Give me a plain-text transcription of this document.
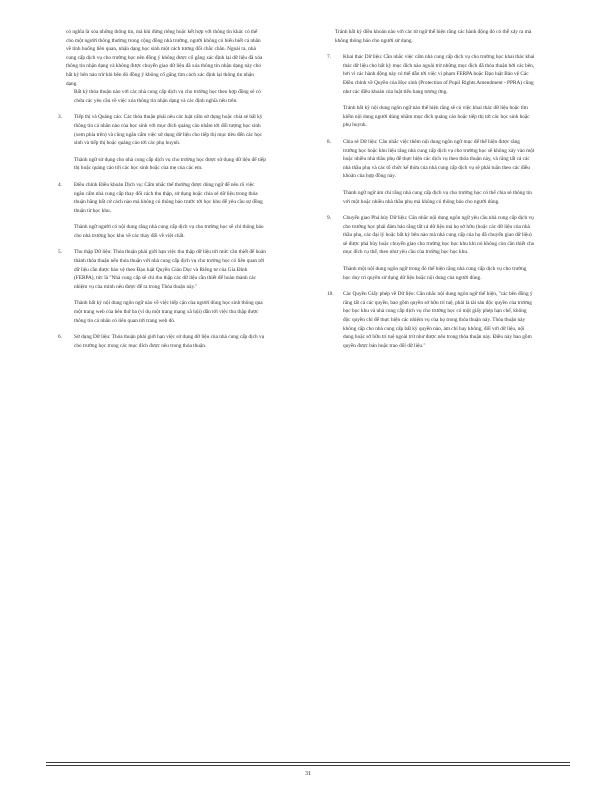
có nghĩa là xóa những thông tin, mà khi đứng riêng hoặc kết hợp với thông tin khác có thể cho một người thông thường trong cộng đồng nhà trường, người không có hiểu biết cá nhân về tình huống liên quan, nhận dạng học sinh một cách tương đối chắc chắn. Ngoài ra, nhà cung cấp dịch vụ cho trường học nên đồng ý không được cố gắng xác định lại dữ liệu đã xóa thông tin nhận dạng và không được chuyển giao dữ liệu đã xóa thông tin nhận dạng này cho bất kỳ bên nào trừ khi bên đó đồng ý không cố gắng tìm cách xác định lại thông tin nhận dạng.

Bất kỳ thỏa thuận nào với các nhà cung cấp dịch vụ cho trường học theo hợp đồng sẽ có chứa các yêu cầu về việc xóa thông tin nhận dạng và các định nghĩa nêu trên.

3. Tiếp thị và Quảng cáo: Các thỏa thuận phải nêu các luật cấm sử dụng hoặc chia sẻ bất kỳ thông tin cá nhân nào của học sinh với mục đích quảng cáo nhắm tới đối tượng học sinh (xem phía trên) và cũng ngăn cấm việc sử dụng dữ liệu cho tiếp thị mục tiêu đến các học sinh và tiếp thị hoặc quảng cáo tới các phụ huynh.

Thành ngữ sử dụng cho nhà cung cấp dịch vụ cho trường học được sử dụng dữ liệu để tiếp thị hoặc quảng cáo tới các học sinh hoặc của mẹ của các em.

4. Điều chỉnh Điều khoản Dịch vụ: Cấm nhắc thể thường được dùng ngữ để nêu rõ việc ngăn cấm nhà cung cấp thay đổi cách thu thập, sử dụng hoặc chia sẻ dữ liệu trong thỏa thuận bằng bất cứ cách nào mà không có thông báo trước tới học khu để yêu cầu sự đồng thuận từ học khu.

Thành ngữ người có nội dung rằng nhà cung cấp dịch vụ cho trường học sẽ chỉ thông báo cho nhà trường học khu về các thay đổi về việt chất.

5. Thu thập Dữ liệu: Thỏa thuận phải giới hạn việc thu thập dữ liệu tới mức cần thiết để hoàn thành thỏa thuận nếu thỏa thuận với nhà cung cấp dịch vụ cho trường học có liên quan tới dữ liệu cần được bảo vệ theo Đạo luật Quyền Giáo Dục và Riêng tư của Gia Đình (FERPA), tức là "Nhà cung cấp sẽ chỉ thu thập các dữ liệu cần thiết để hoàn thành các nhiệm vụ của mình nêu được để ra trong Thỏa thuận này."

Thành bất kỳ nội dung ngôn ngữ nào về việc tiếp cận của người dùng học sinh thông qua một trang web của bên thứ ba (ví dụ một trang mạng xã hội) dẫn tới việc thu thập được thông tin cá nhân có liên quan tới trang web đó.

6. Sử dụng Dữ liệu: Thỏa thuận phải giới hạn việc sử dụng dữ liệu của nhà cung cấp dịch vụ cho trường học trong các mục đích được nêu trong thỏa thuận.

Tránh bất kỳ điều khoản nào với các từ ngữ thể hiện rằng các hành động đó có thể xảy ra mà không thông báo cho người sử dụng.

7. Khai thác Dữ liệu: Cần nhắc việc cấm nhà cung cấp dịch vụ cho trường học khai thác khai thác dữ liệu cho bất kỳ mục đích nào ngoài trừ những mục đích đã thỏa thuận bởi các bên, bởi vì các hành động này có thể dẫn tới việc vi phạm FERPA hoặc Đạo luật Bảo vệ Các Điều chỉnh về Quyền của Học sinh (Protection of Pupil Rights Amendment - PPRA) cũng như các điều khoản của luật tiểu bang tương ứng.

Tránh bất kỳ nội dung ngôn ngữ nào thể hiện rằng sẽ có việc khai thác dữ liệu hoặc tìm kiếm nội dung người dùng nhằm mục đích quảng cáo hoặc tiếp thị tới các học sinh hoặc phụ huynh.

8. Chia sẻ Dữ liệu: Cân nhắc việc thêm nội dung ngôn ngữ mục để thể hiện được rằng trường học hoặc khu liệu rằng nhà cung cấp dịch vụ cho trường học sẽ không xảy vào một hoặc nhiều nhà thầu phụ để thực hiện các dịch vụ theo thỏa thuận này, và rằng tất cả các nhà thầu phụ và các tổ chức kế thừa của nhà cung cấp dịch vụ sẽ phải tuân theo các điều khoản của hợp đồng này.

Thành ngữ ngữ ám chỉ rằng nhà cung cấp dịch vụ cho trường học có thể chia sẻ thông tin với một hoặc nhiều nhà thầu phụ mà không có thông báo cho người dùng.

9. Chuyển giao Phá hủy Dữ liệu: Cân nhắc nội dung ngôn ngữ yêu cầu nhà cung cấp dịch vụ cho trường học phải đảm bảo rằng tất cả dữ liệu mà họ sở hữu (hoặc các dữ liệu của nhà thầu phụ, các đại lý hoặc bất kỳ bên nào mà nhà cung cấp của họ đã chuyển giao dữ liệu) sẽ được phá hủy hoặc chuyển giao cho trường học học khu khi nó không còn cần thiết cho mục đích cụ thể, theo như yêu cầu của trường học học khu.

Thành một nội dung ngôn ngữ trong đó thể hiện rằng nhà cung cấp dịch vụ cho trường học duy trì quyền sử dụng dữ liệu hoặc nội dung của người dùng.

10. Các Quyền Giấy phép về Dữ liệu: Cân nhắc nội dung ngôn ngữ thể hiện, "các bên đồng ý rằng tất cả các quyền, bao gồm quyền sở hữu trí tuệ, phải là tài sản độc quyền của trường học học khu và nhà cung cấp dịch vụ cho trường học có một giấy phép hạn chế, không độc quyền chỉ để thực hiện các nhiệm vụ của họ trong thỏa thuận này. Thỏa thuận này không cấp cho nhà cung cấp bất kỳ quyền nào, ám chỉ hay không, đối với dữ liệu, nội dung hoặc sở hữu trí tuệ ngoài trừ như được nêu trong thỏa thuận này. Điều này bao gồm quyền được bán hoặc trao đổi dữ liệu."

31
